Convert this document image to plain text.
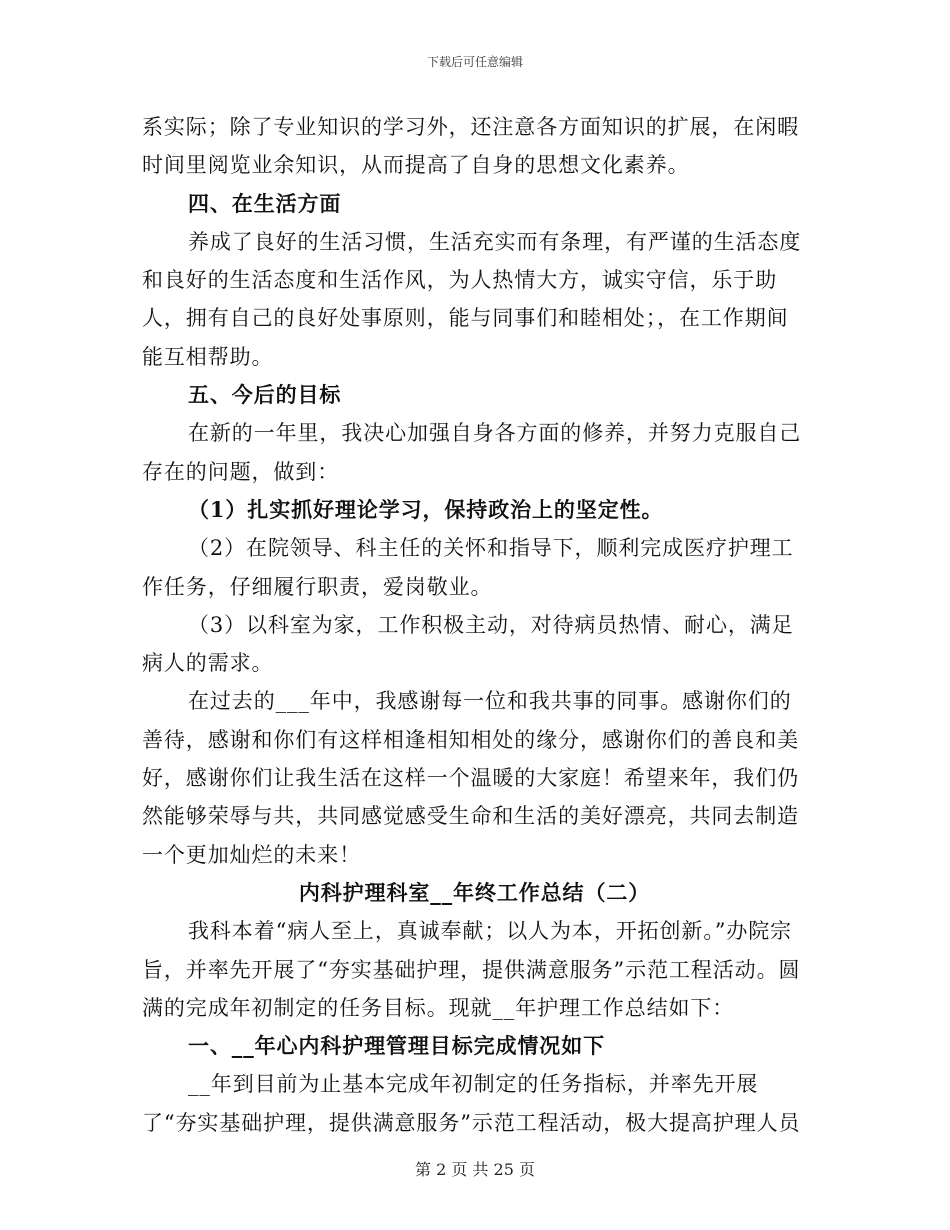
下载后可任意编辑

系实际；除了专业知识的学习外，还注意各方面知识的扩展，在闲暇时间里阅览业余知识，从而提高了自身的思想文化素养。

四、在生活方面

养成了良好的生活习惯，生活充实而有条理，有严谨的生活态度和良好的生活态度和生活作风，为人热情大方，诚实守信，乐于助人，拥有自己的良好处事原则，能与同事们和睦相处；，在工作期间能互相帮助。

五、今后的目标

在新的一年里，我决心加强自身各方面的修养，并努力克服自己存在的问题，做到：

（1）扎实抓好理论学习，保持政治上的坚定性。

（2）在院领导、科主任的关怀和指导下，顺利完成医疗护理工作任务，仔细履行职责，爱岗敬业。

（3）以科室为家，工作积极主动，对待病员热情、耐心，满足病人的需求。

在过去的___年中，我感谢每一位和我共事的同事。感谢你们的善待，感谢和你们有这样相逢相知相处的缘分，感谢你们的善良和美好，感谢你们让我生活在这样一个温暖的大家庭！希望来年，我们仍然能够荣辱与共，共同感觉感受生命和生活的美好漂亮，共同去制造一个更加灿烂的未来！

内科护理科室__年终工作总结（二）

我科本着“病人至上，真诚奉献；以人为本，开拓创新。”办院宗旨，并率先开展了“夯实基础护理，提供满意服务”示范工程活动。圆满的完成年初制定的任务目标。现就__年护理工作总结如下：

一、__年心内科护理管理目标完成情况如下

__年到目前为止基本完成年初制定的任务指标，并率先开展了“夯实基础护理，提供满意服务”示范工程活动，极大提高护理人员

第 2 页 共 25 页
